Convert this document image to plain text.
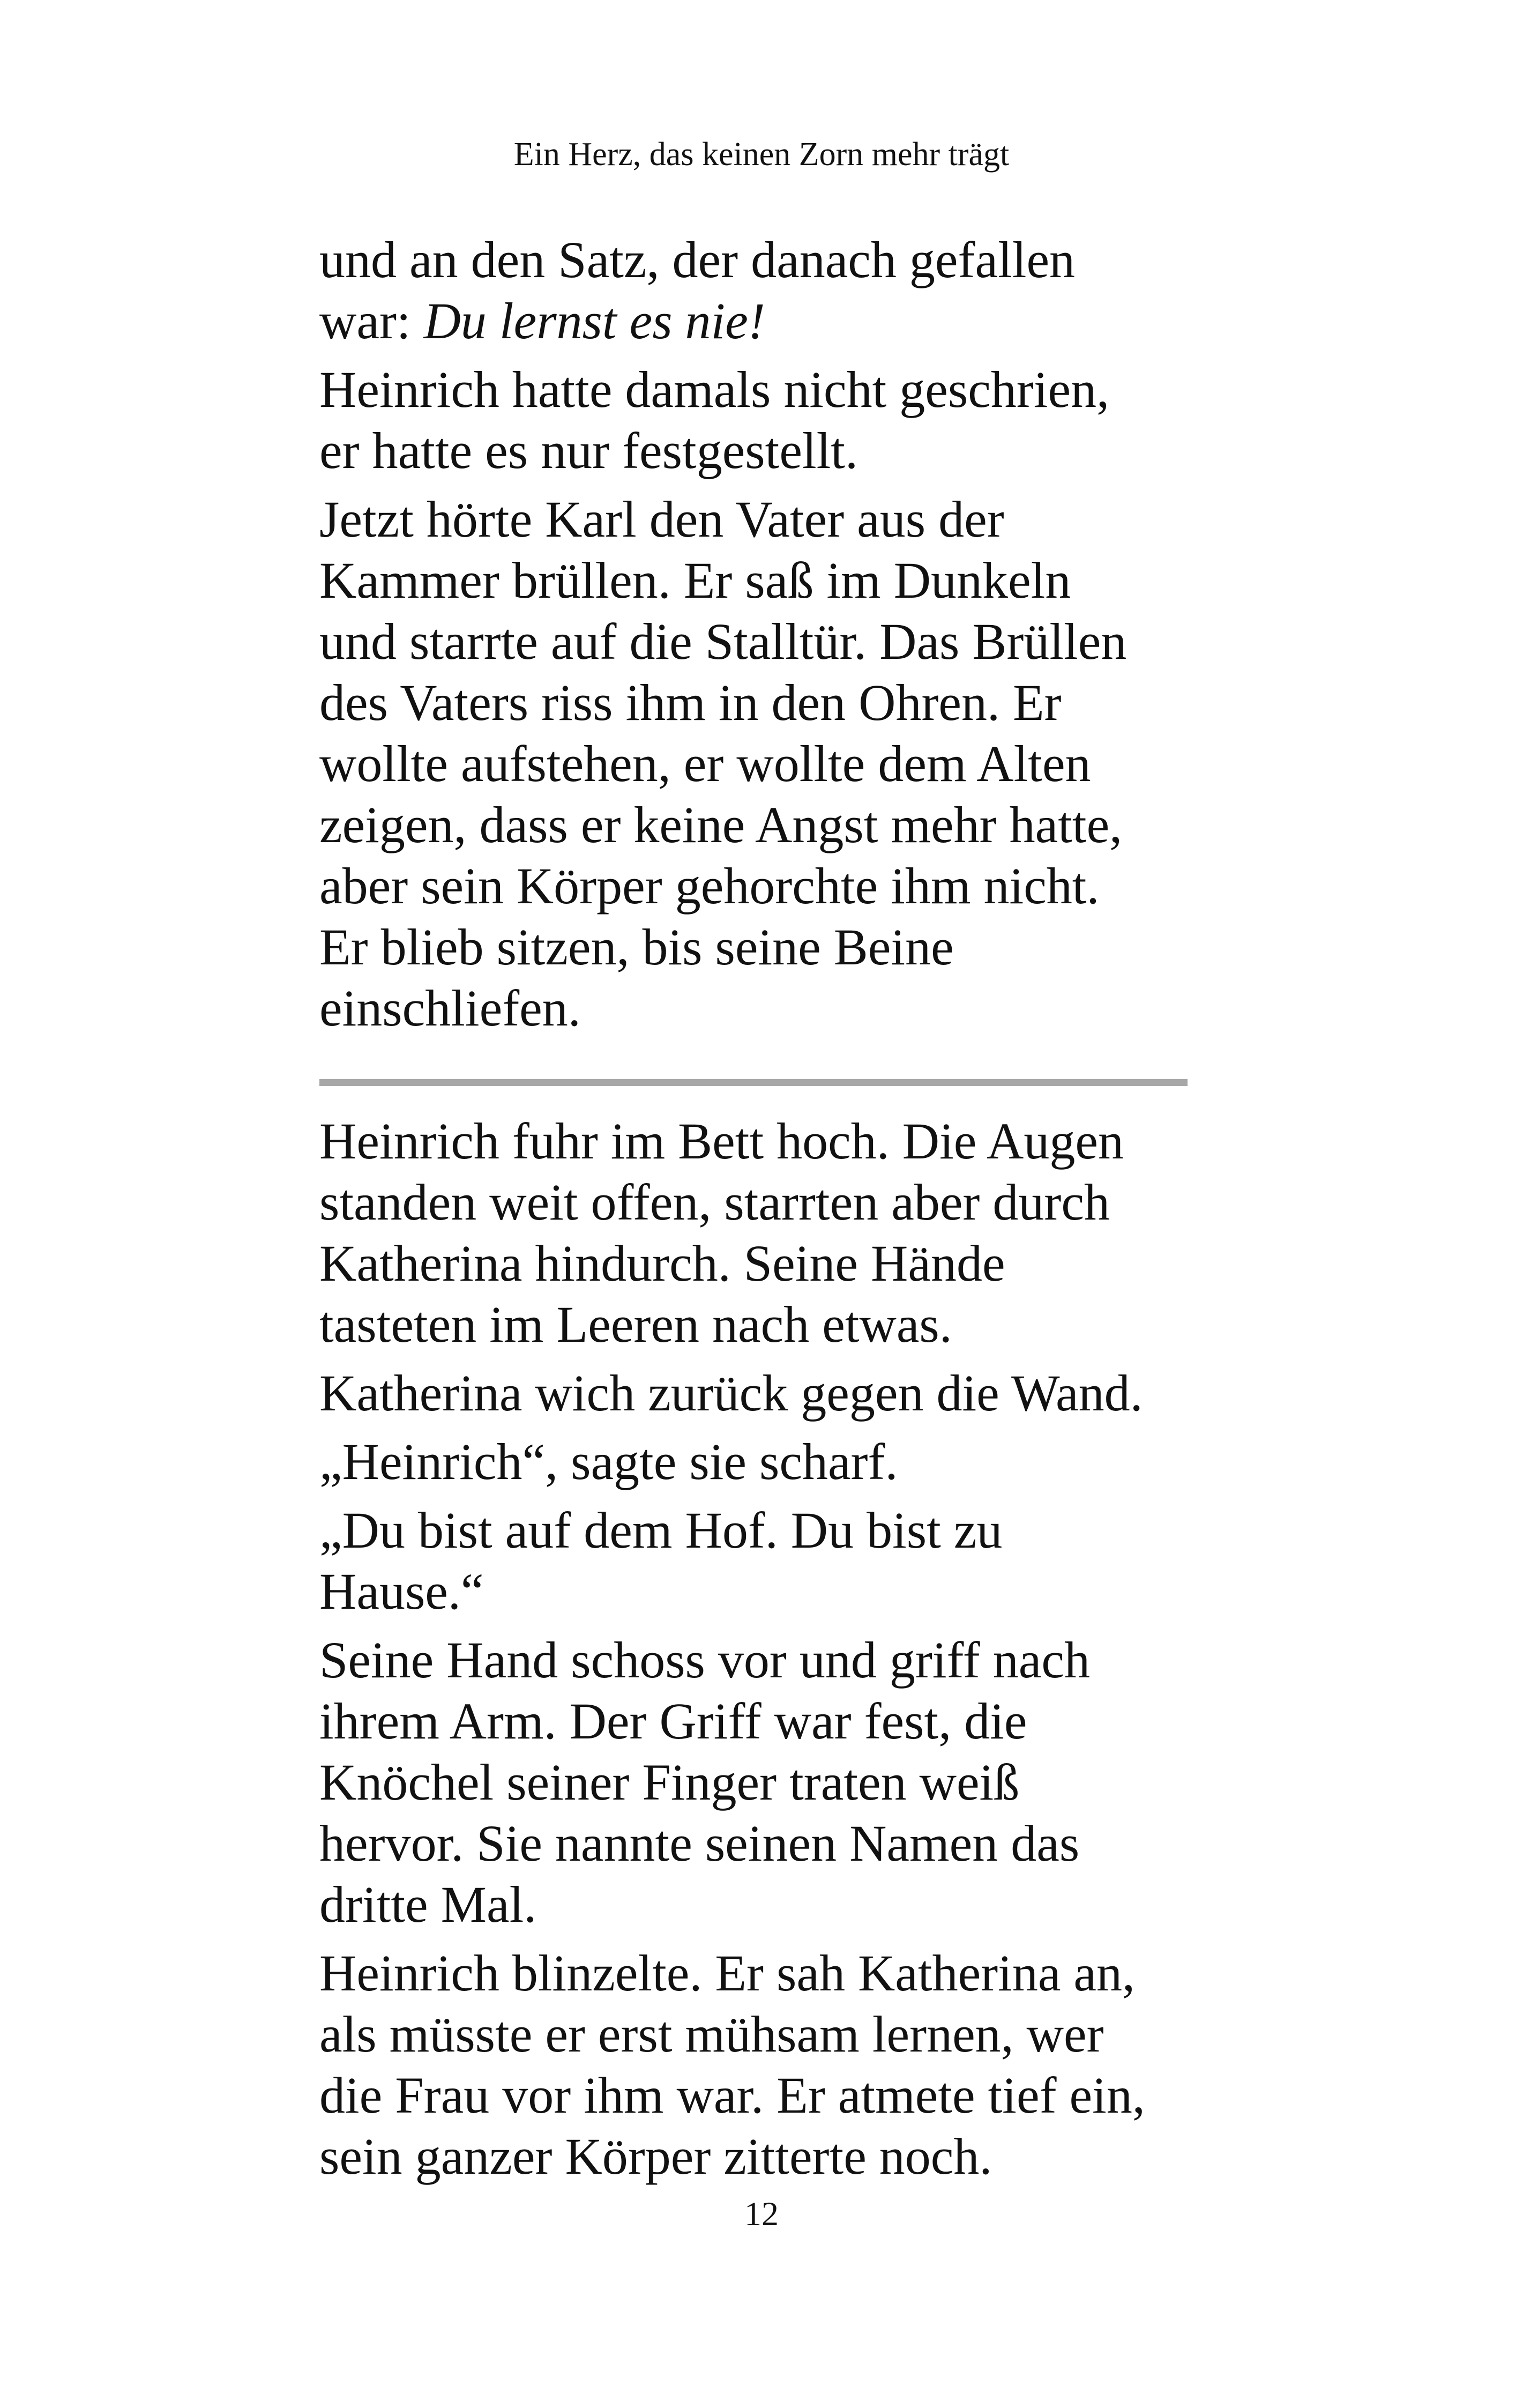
Ein Herz, das keinen Zorn mehr trägt

und an den Satz, der danach gefallen
war: Du lernst es nie!

Heinrich hatte damals nicht geschrien,
er hatte es nur festgestellt.

Jetzt hörte Karl den Vater aus der
Kammer brüllen. Er saß im Dunkeln
und starrte auf die Stalltür. Das Brüllen
des Vaters riss ihm in den Ohren. Er
wollte aufstehen, er wollte dem Alten
zeigen, dass er keine Angst mehr hatte,
aber sein Körper gehorchte ihm nicht.
Er blieb sitzen, bis seine Beine
einschliefen.

Heinrich fuhr im Bett hoch. Die Augen
standen weit offen, starrten aber durch
Katherina hindurch. Seine Hände
tasteten im Leeren nach etwas.

Katherina wich zurück gegen die Wand.

„Heinrich“, sagte sie scharf.

„Du bist auf dem Hof. Du bist zu
Hause.“

Seine Hand schoss vor und griff nach
ihrem Arm. Der Griff war fest, die
Knöchel seiner Finger traten weiß
hervor. Sie nannte seinen Namen das
dritte Mal.

Heinrich blinzelte. Er sah Katherina an,
als müsste er erst mühsam lernen, wer
die Frau vor ihm war. Er atmete tief ein,
sein ganzer Körper zitterte noch.

12
